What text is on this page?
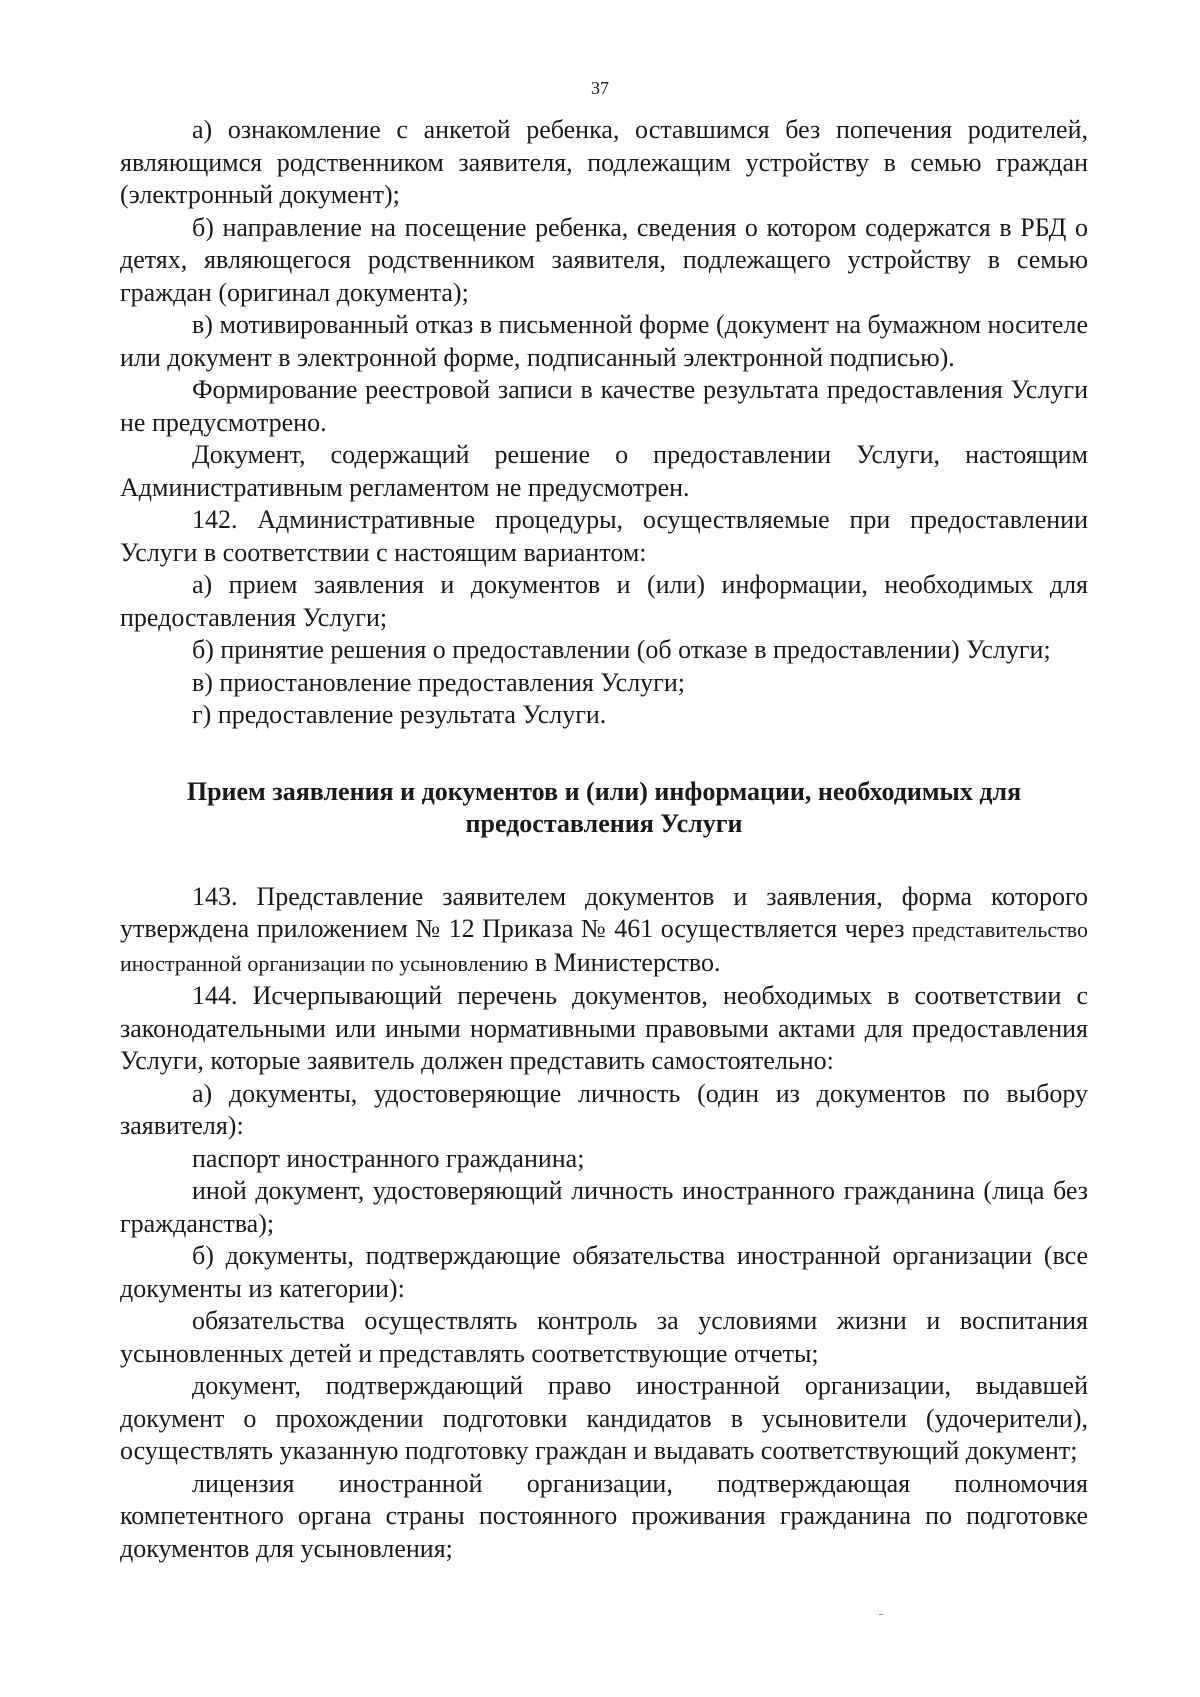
37

а) ознакомление с анкетой ребенка, оставшимся без попечения родителей, являющимся родственником заявителя, подлежащим устройству в семью граждан (электронный документ);

б) направление на посещение ребенка, сведения о котором содержатся в РБД о детях, являющегося родственником заявителя, подлежащего устройству в семью граждан (оригинал документа);

в) мотивированный отказ в письменной форме (документ на бумажном носителе или документ в электронной форме, подписанный электронной подписью).

Формирование реестровой записи в качестве результата предоставления Услуги не предусмотрено.

Документ, содержащий решение о предоставлении Услуги, настоящим Административным регламентом не предусмотрен.

142. Административные процедуры, осуществляемые при предоставлении Услуги в соответствии с настоящим вариантом:

а) прием заявления и документов и (или) информации, необходимых для предоставления Услуги;

б) принятие решения о предоставлении (об отказе в предоставлении) Услуги;

в) приостановление предоставления Услуги;

г) предоставление результата Услуги.

Прием заявления и документов и (или) информации, необходимых для предоставления Услуги

143. Представление заявителем документов и заявления, форма которого утверждена приложением № 12 Приказа № 461 осуществляется через представительство иностранной организации по усыновлению в Министерство.

144. Исчерпывающий перечень документов, необходимых в соответствии с законодательными или иными нормативными правовыми актами для предоставления Услуги, которые заявитель должен представить самостоятельно:

а) документы, удостоверяющие личность (один из документов по выбору заявителя):

паспорт иностранного гражданина;

иной документ, удостоверяющий личность иностранного гражданина (лица без гражданства);

б) документы, подтверждающие обязательства иностранной организации (все документы из категории):

обязательства осуществлять контроль за условиями жизни и воспитания усыновленных детей и представлять соответствующие отчеты;

документ, подтверждающий право иностранной организации, выдавшей документ о прохождении подготовки кандидатов в усыновители (удочерители), осуществлять указанную подготовку граждан и выдавать соответствующий документ;

лицензия иностранной организации, подтверждающая полномочия компетентного органа страны постоянного проживания гражданина по подготовке документов для усыновления;
